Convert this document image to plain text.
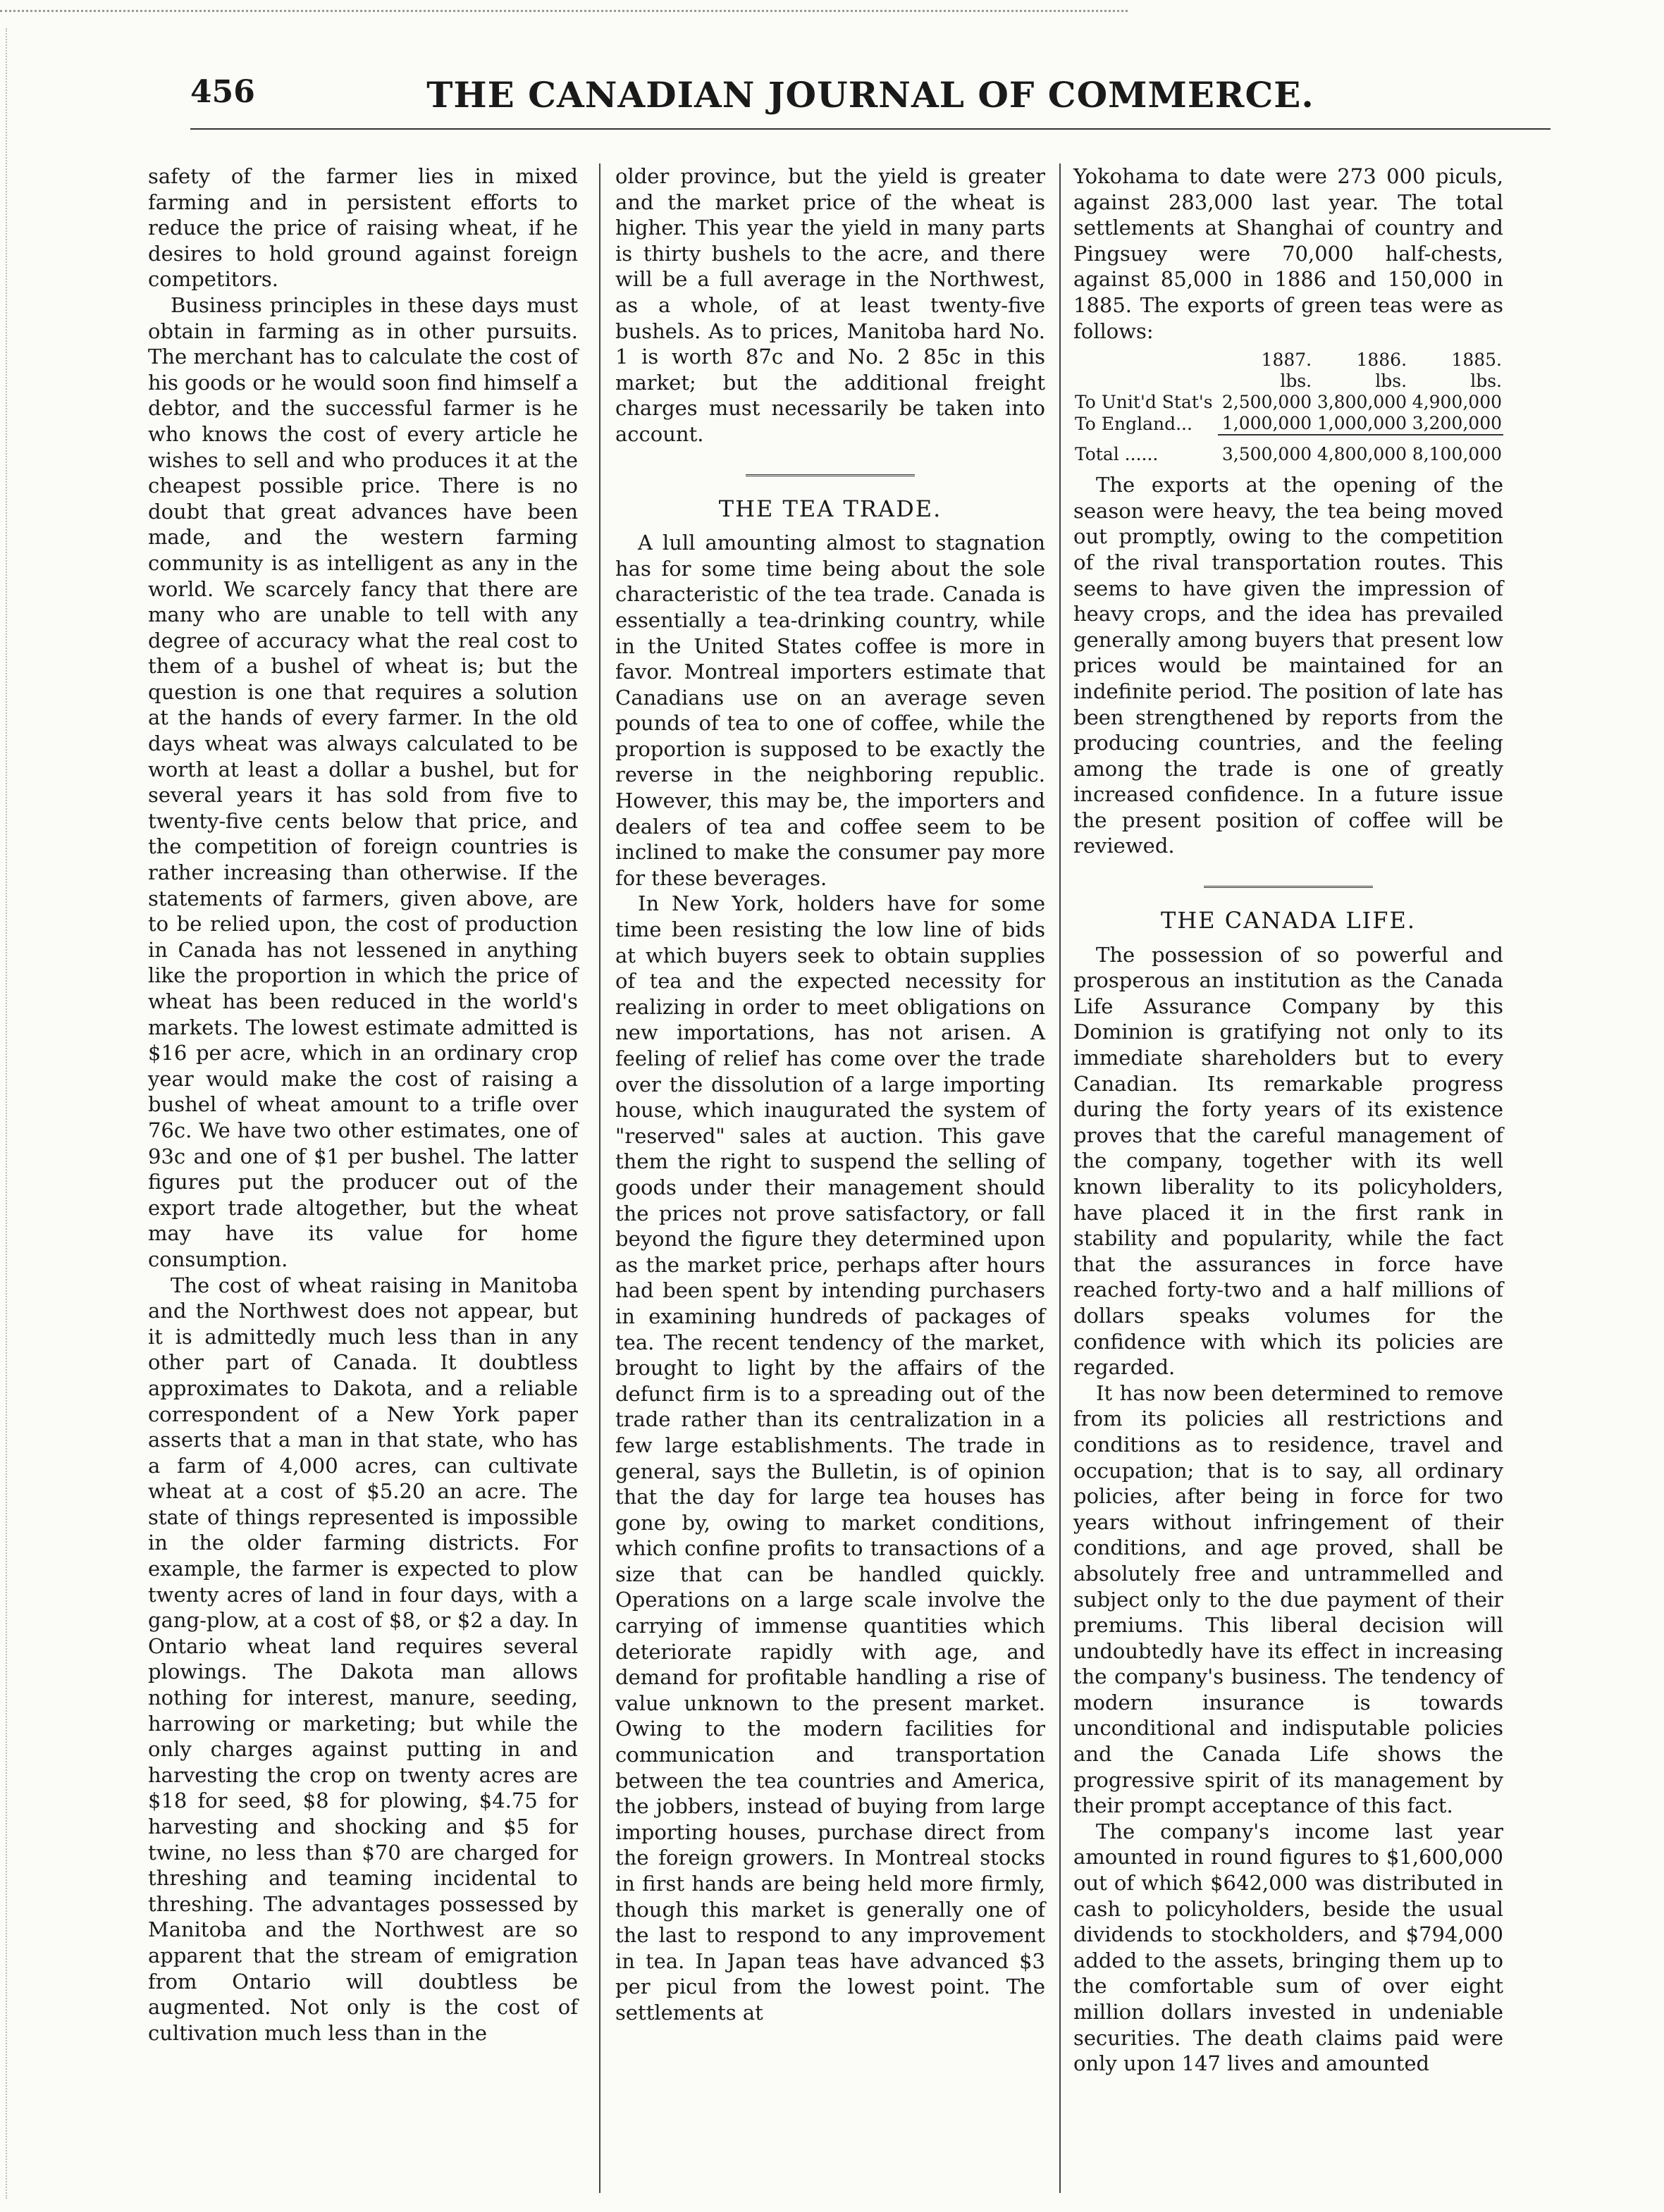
456	THE CANADIAN JOURNAL OF COMMERCE.

safety of the farmer lies in mixed farming and in persistent efforts to reduce the price of raising wheat, if he desires to hold ground against foreign competitors.

Business principles in these days must obtain in farming as in other pursuits. The merchant has to calculate the cost of his goods or he would soon find himself a debtor, and the successful farmer is he who knows the cost of every article he wishes to sell and who produces it at the cheapest possible price. There is no doubt that great advances have been made, and the western farming community is as intelligent as any in the world. We scarcely fancy that there are many who are unable to tell with any degree of accuracy what the real cost to them of a bushel of wheat is; but the question is one that requires a solution at the hands of every farmer. In the old days wheat was always calculated to be worth at least a dollar a bushel, but for several years it has sold from five to twenty-five cents below that price, and the competition of foreign countries is rather increasing than otherwise. If the statements of farmers, given above, are to be relied upon, the cost of production in Canada has not lessened in anything like the proportion in which the price of wheat has been reduced in the world's markets. The lowest estimate admitted is $16 per acre, which in an ordinary crop year would make the cost of raising a bushel of wheat amount to a trifle over 76c. We have two other estimates, one of 93c and one of $1 per bushel. The latter figures put the producer out of the export trade altogether, but the wheat may have its value for home consumption.

The cost of wheat raising in Manitoba and the Northwest does not appear, but it is admittedly much less than in any other part of Canada. It doubtless approximates to Dakota, and a reliable correspondent of a New York paper asserts that a man in that state, who has a farm of 4,000 acres, can cultivate wheat at a cost of $5.20 an acre. The state of things represented is impossible in the older farming districts. For example, the farmer is expected to plow twenty acres of land in four days, with a gang-plow, at a cost of $8, or $2 a day. In Ontario wheat land requires several plowings. The Dakota man allows nothing for interest, manure, seeding, harrowing or marketing; but while the only charges against putting in and harvesting the crop on twenty acres are $18 for seed, $8 for plowing, $4.75 for harvesting and shocking and $5 for twine, no less than $70 are charged for threshing and teaming incidental to threshing. The advantages possessed by Manitoba and the Northwest are so apparent that the stream of emigration from Ontario will doubtless be augmented. Not only is the cost of cultivation much less than in the

older province, but the yield is greater and the market price of the wheat is higher. This year the yield in many parts is thirty bushels to the acre, and there will be a full average in the Northwest, as a whole, of at least twenty-five bushels. As to prices, Manitoba hard No. 1 is worth 87c and No. 2 85c in this market; but the additional freight charges must necessarily be taken into account.

THE TEA TRADE.

A lull amounting almost to stagnation has for some time being about the sole characteristic of the tea trade. Canada is essentially a tea-drinking country, while in the United States coffee is more in favor. Montreal importers estimate that Canadians use on an average seven pounds of tea to one of coffee, while the proportion is supposed to be exactly the reverse in the neighboring republic. However, this may be, the importers and dealers of tea and coffee seem to be inclined to make the consumer pay more for these beverages.

In New York, holders have for some time been resisting the low line of bids at which buyers seek to obtain supplies of tea and the expected necessity for realizing in order to meet obligations on new importations, has not arisen. A feeling of relief has come over the trade over the dissolution of a large importing house, which inaugurated the system of "reserved" sales at auction. This gave them the right to suspend the selling of goods under their management should the prices not prove satisfactory, or fall beyond the figure they determined upon as the market price, perhaps after hours had been spent by intending purchasers in examining hundreds of packages of tea. The recent tendency of the market, brought to light by the affairs of the defunct firm is to a spreading out of the trade rather than its centralization in a few large establishments. The trade in general, says the Bulletin, is of opinion that the day for large tea houses has gone by, owing to market conditions, which confine profits to transactions of a size that can be handled quickly. Operations on a large scale involve the carrying of immense quantities which deteriorate rapidly with age, and demand for profitable handling a rise of value unknown to the present market. Owing to the modern facilities for communication and transportation between the tea countries and America, the jobbers, instead of buying from large importing houses, purchase direct from the foreign growers. In Montreal stocks in first hands are being held more firmly, though this market is generally one of the last to respond to any improvement in tea. In Japan teas have advanced $3 per picul from the lowest point. The settlements at

Yokohama to date were 273 000 piculs, against 283,000 last year. The total settlements at Shanghai of country and Pingsuey were 70,000 half-chests, against 85,000 in 1886 and 150,000 in 1885. The exports of green teas were as follows:

	1887.	1886.	1885.
	lbs.	lbs.	lbs.
To Unit'd Stat's	2,500,000	3,800,000	4,900,000
To England...	1,000,000	1,000,000	3,200,000
Total ......	3,500,000	4,800,000	8,100,000

The exports at the opening of the season were heavy, the tea being moved out promptly, owing to the competition of the rival transportation routes. This seems to have given the impression of heavy crops, and the idea has prevailed generally among buyers that present low prices would be maintained for an indefinite period. The position of late has been strengthened by reports from the producing countries, and the feeling among the trade is one of greatly increased confidence. In a future issue the present position of coffee will be reviewed.

THE CANADA LIFE.

The possession of so powerful and prosperous an institution as the Canada Life Assurance Company by this Dominion is gratifying not only to its immediate shareholders but to every Canadian. Its remarkable progress during the forty years of its existence proves that the careful management of the company, together with its well known liberality to its policyholders, have placed it in the first rank in stability and popularity, while the fact that the assurances in force have reached forty-two and a half millions of dollars speaks volumes for the confidence with which its policies are regarded.

It has now been determined to remove from its policies all restrictions and conditions as to residence, travel and occupation; that is to say, all ordinary policies, after being in force for two years without infringement of their conditions, and age proved, shall be absolutely free and untrammelled and subject only to the due payment of their premiums. This liberal decision will undoubtedly have its effect in increasing the company's business. The tendency of modern insurance is towards unconditional and indisputable policies and the Canada Life shows the progressive spirit of its management by their prompt acceptance of this fact.

The company's income last year amounted in round figures to $1,600,000 out of which $642,000 was distributed in cash to policyholders, beside the usual dividends to stockholders, and $794,000 added to the assets, bringing them up to the comfortable sum of over eight million dollars invested in undeniable securities. The death claims paid were only upon 147 lives and amounted
